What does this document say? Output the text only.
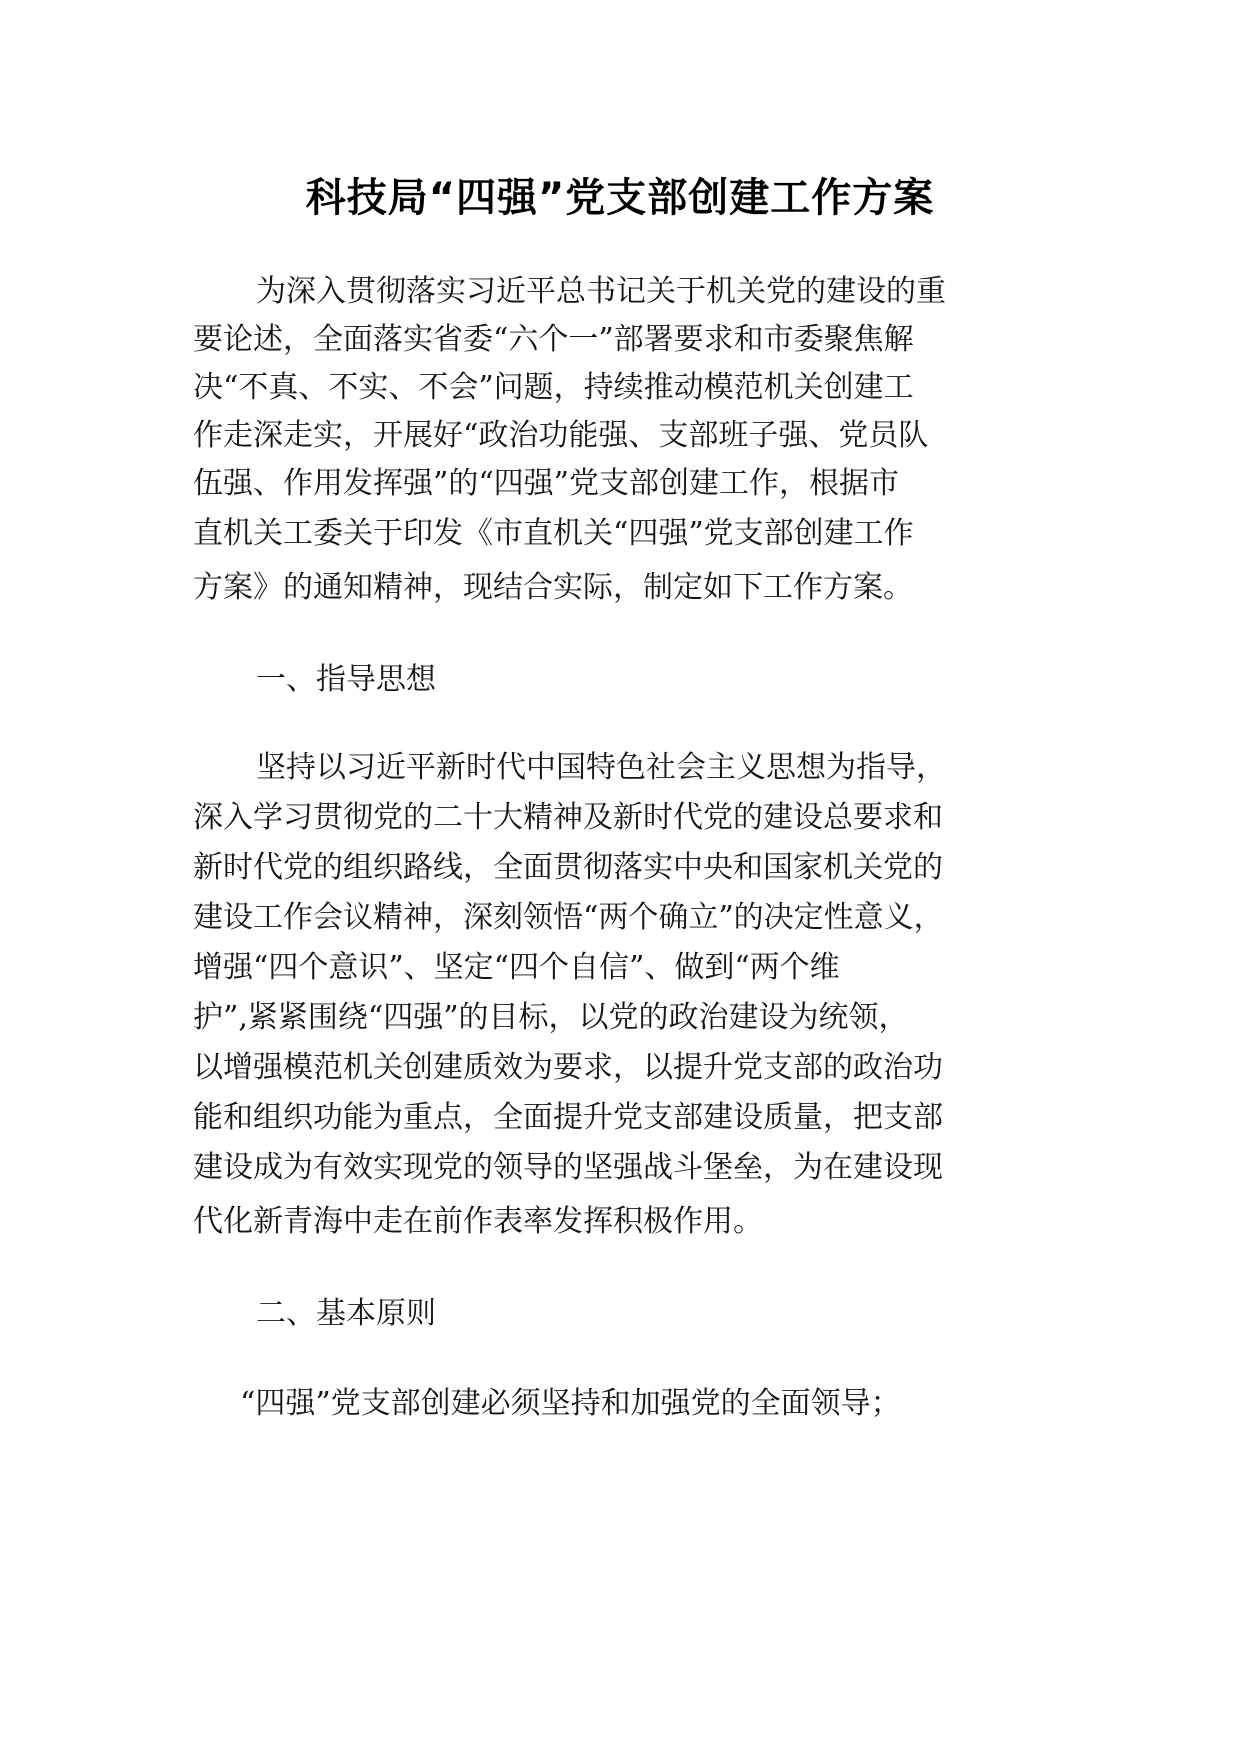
科技局“四强”党支部创建工作方案
为深入贯彻落实习近平总书记关于机关党的建设的重
要论述，全面落实省委“六个一”部署要求和市委聚焦解
决“不真、不实、不会”问题，持续推动模范机关创建工
作走深走实，开展好“政治功能强、支部班子强、党员队
伍强、作用发挥强”的“四强”党支部创建工作，根据市
直机关工委关于印发《市直机关“四强”党支部创建工作
方案》的通知精神，现结合实际，制定如下工作方案。
一、指导思想
坚持以习近平新时代中国特色社会主义思想为指导，
深入学习贯彻党的二十大精神及新时代党的建设总要求和
新时代党的组织路线，全面贯彻落实中央和国家机关党的
建设工作会议精神，深刻领悟“两个确立”的决定性意义，
增强“四个意识”、坚定“四个自信”、做到“两个维
护”,紧紧围绕“四强”的目标，以党的政治建设为统领，
以增强模范机关创建质效为要求，以提升党支部的政治功
能和组织功能为重点，全面提升党支部建设质量，把支部
建设成为有效实现党的领导的坚强战斗堡垒，为在建设现
代化新青海中走在前作表率发挥积极作用。
二、基本原则
“四强”党支部创建必须坚持和加强党的全面领导；
